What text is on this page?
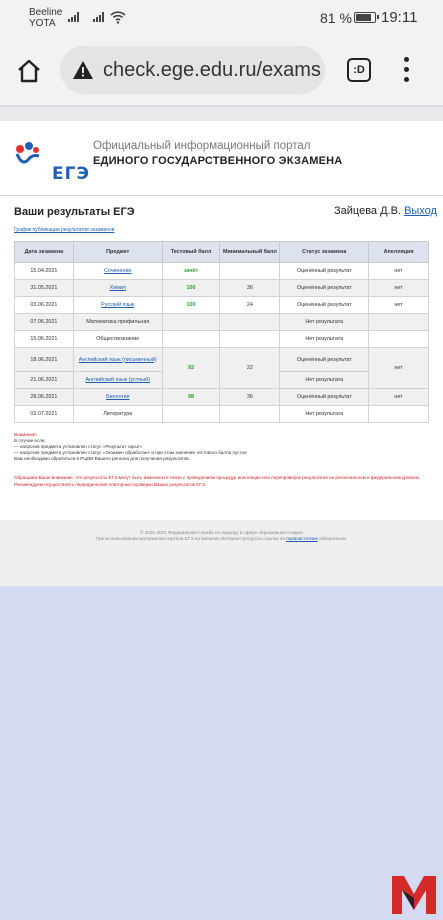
Beeline
YOTA	81 % 19:11
check.ege.edu.ru/exams	:D
ЕГЭ
Официальный информационный портал
ЕДИНОГО ГОСУДАРСТВЕННОГО ЭКЗАМЕНА
Ваши результаты ЕГЭ	Зайцева Д.В. Выход
График публикации результатов экзаменов
Дата экзамена	Предмет	Тестовый балл	Минимальный балл	Статус экзамена	Апелляция
15.04.2021	Сочинение	зачёт		Оценённый результат	нет
31.05.2021	Химия	100	36	Оценённый результат	нет
03.06.2021	Русский язык	100	24	Оценённый результат	нет
07.06.2021	Математика профильная			Нет результата	
15.06.2021	Обществознание			Нет результата	
18.06.2021	Английский язык (письменный)	92	22	Оценённый результат	нет
21.06.2021	Английский язык (устный)			Нет результата	
28.06.2021	Биология	98	36	Оценённый результат	нет
02.07.2021	Литература			Нет результата	
Внимание!
В случае если:
— напротив предмета установлен статус «Результат скрыт»
— напротив предмета установлен статус «Экзамен обработан» и при этом значение тестового балла пустое
Вам необходимо обратиться в РЦОИ Вашего региона для получения результатов.
Обращаем Ваше внимание, что результаты ЕГЭ могут быть изменены в связи с проведением процедур апелляции или перепроверок результатов на региональном и федеральном уровнях. Рекомендуем осуществлять периодические повторные проверки Ваших результатов ЕГЭ.
© 2001-2021 Федеральная служба по надзору в сфере образования и науки
При использовании материалов портала ЕГЭ на внешних Интернет-ресурсах ссылка на первоисточник обязательна.
